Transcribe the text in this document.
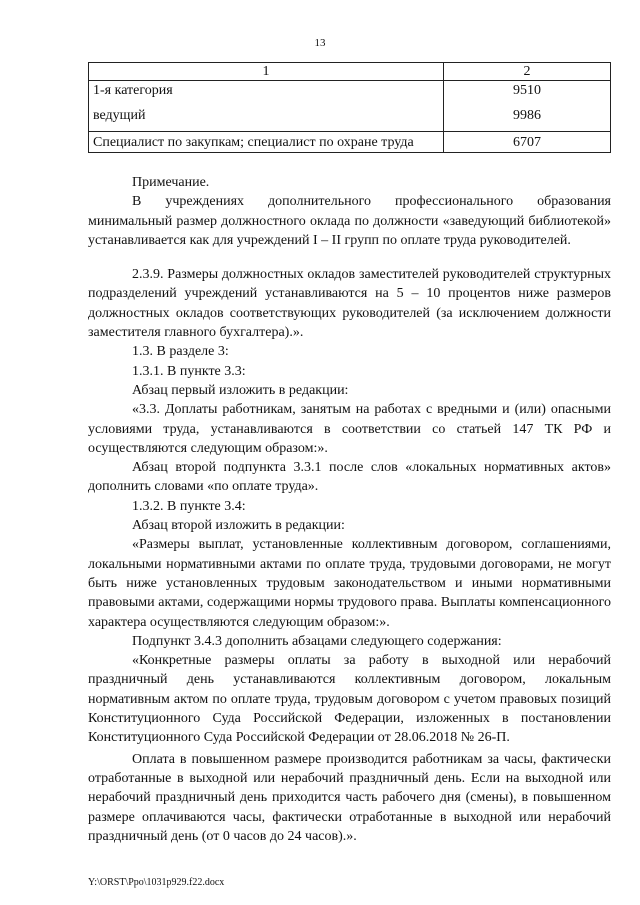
13
1	2
1-я категория	9510
ведущий	9986
Специалист по закупкам; специалист по охране труда	6707

Примечание.

В учреждениях дополнительного профессионального образования минимальный размер должностного оклада по должности «заведующий библиотекой» устанавливается как для учреждений I – II групп по оплате труда руководителей.

2.3.9. Размеры должностных окладов заместителей руководителей структурных подразделений учреждений устанавливаются на 5 – 10 процентов ниже размеров должностных окладов соответствующих руководителей (за исключением должности заместителя главного бухгалтера).».

1.3. В разделе 3:

1.3.1. В пункте 3.3:

Абзац первый изложить в редакции:

«3.3. Доплаты работникам, занятым на работах с вредными и (или) опасными условиями труда, устанавливаются в соответствии со статьей 147 ТК РФ и осуществляются следующим образом:».

Абзац второй подпункта 3.3.1 после слов «локальных нормативных актов» дополнить словами «по оплате труда».

1.3.2. В пункте 3.4:

Абзац второй изложить в редакции:

«Размеры выплат, установленные коллективным договором, соглашениями, локальными нормативными актами по оплате труда, трудовыми договорами, не могут быть ниже установленных трудовым законодательством и иными нормативными правовыми актами, содержащими нормы трудового права. Выплаты компенсационного характера осуществляются следующим образом:».

Подпункт 3.4.3 дополнить абзацами следующего содержания:

«Конкретные размеры оплаты за работу в выходной или нерабочий праздничный день устанавливаются коллективным договором, локальным нормативным актом по оплате труда, трудовым договором с учетом правовых позиций Конституционного Суда Российской Федерации, изложенных в постановлении Конституционного Суда Российской Федерации от 28.06.2018 № 26-П.

Оплата в повышенном размере производится работникам за часы, фактически отработанные в выходной или нерабочий праздничный день. Если на выходной или нерабочий праздничный день приходится часть рабочего дня (смены), в повышенном размере оплачиваются часы, фактически отработанные в выходной или нерабочий праздничный день (от 0 часов до 24 часов).».

Y:\ORST\Ppo\1031p929.f22.docx
